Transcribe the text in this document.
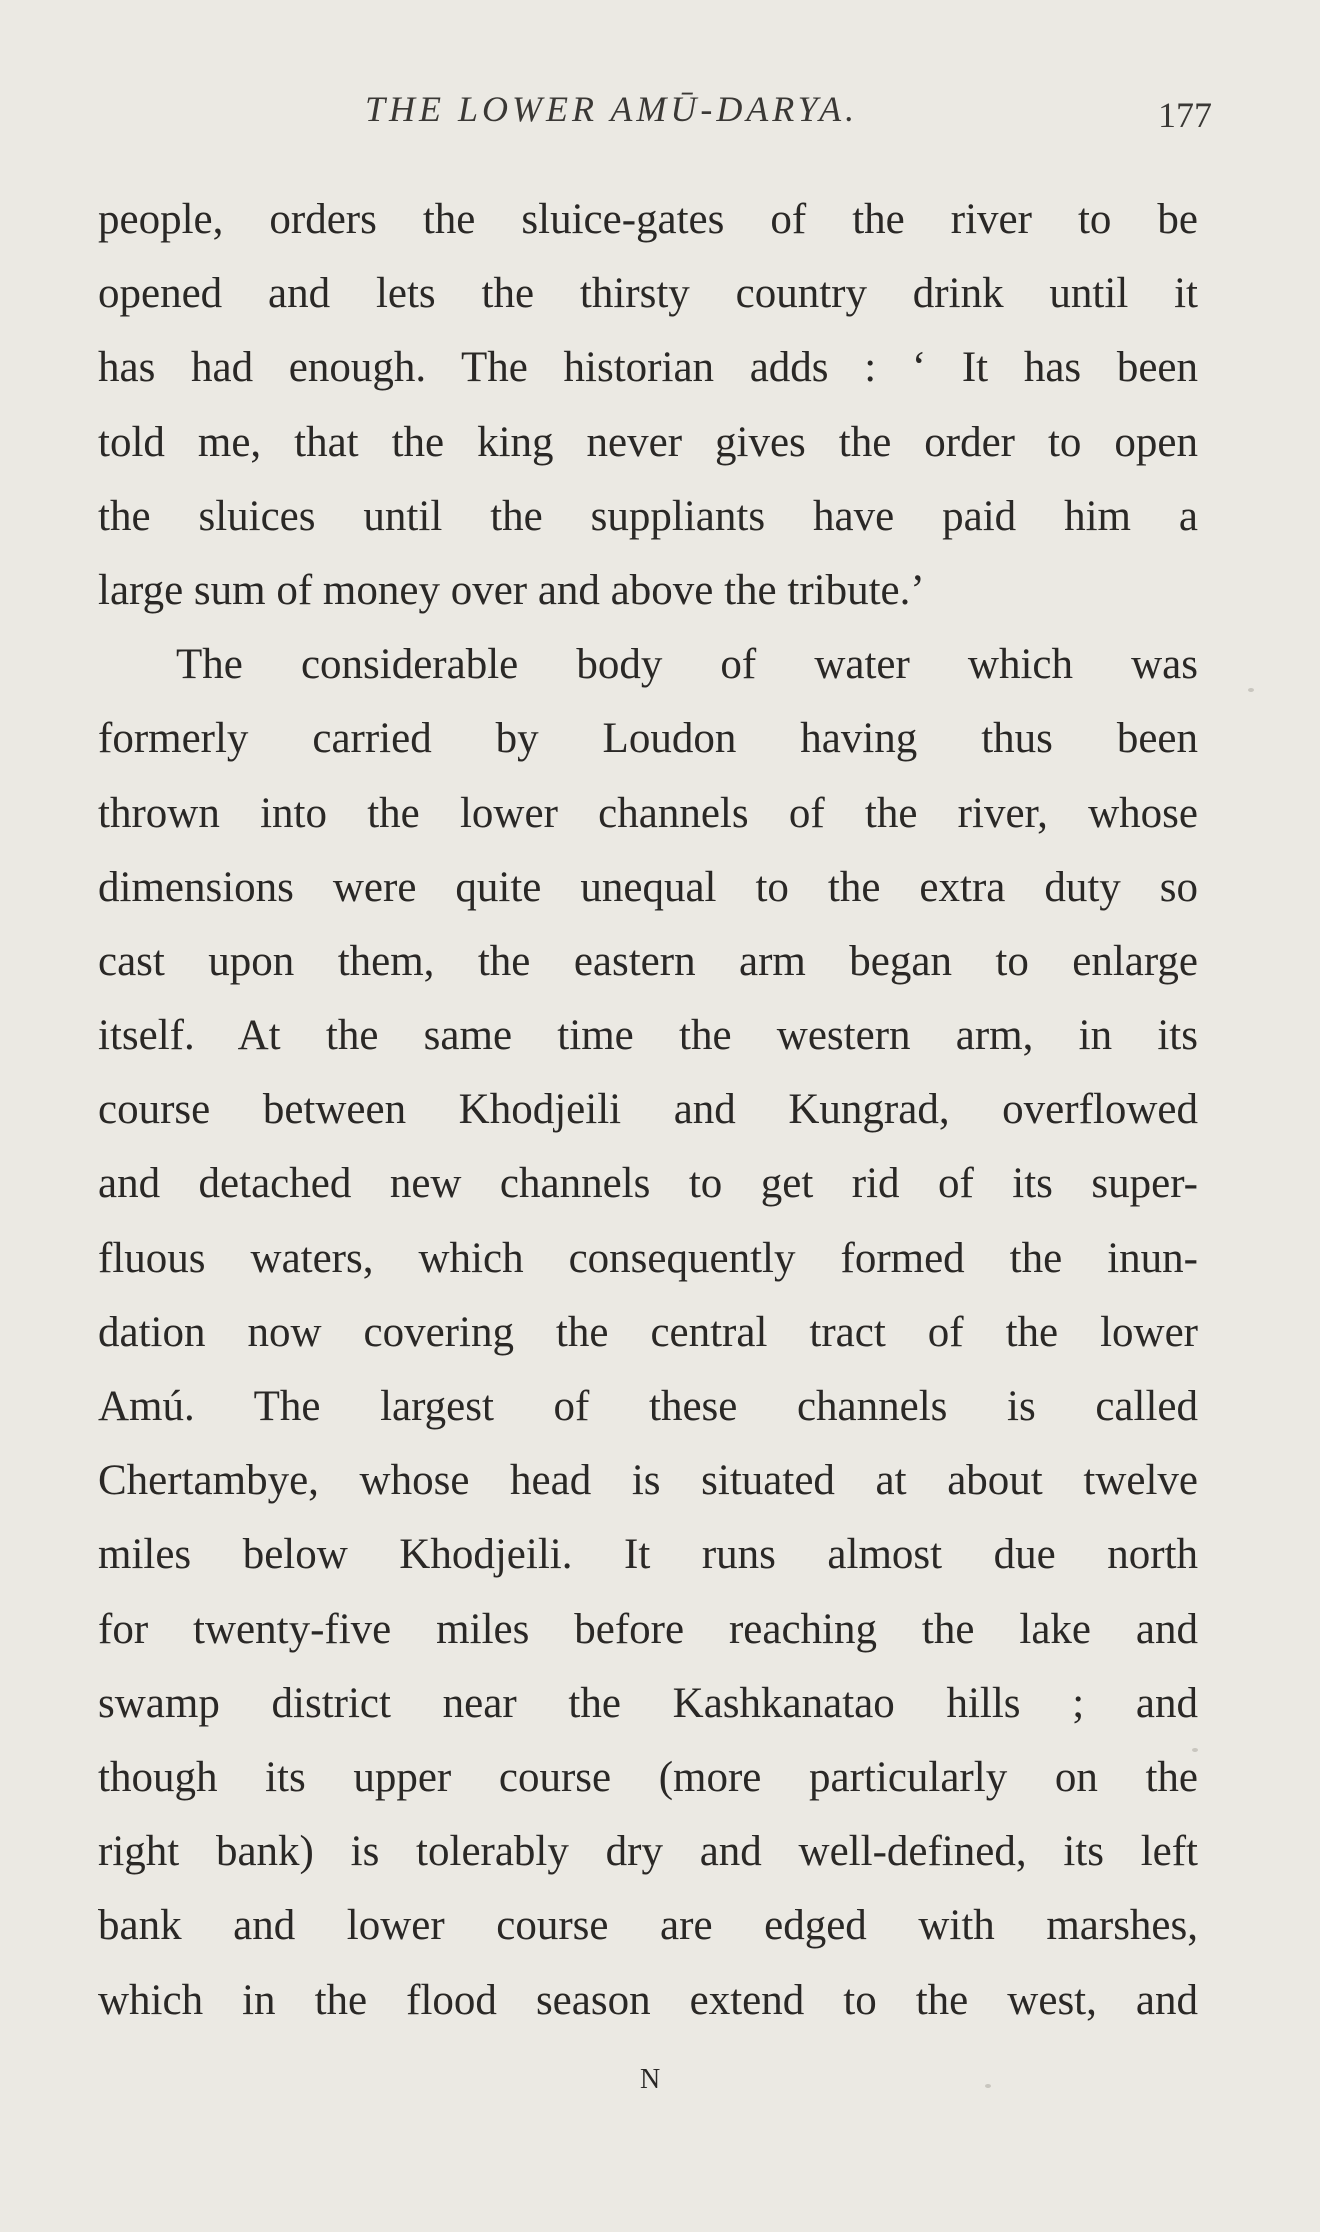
THE LOWER AMŪ-DARYA.	177
people, orders the sluice-gates of the river to be
opened and lets the thirsty country drink until it
has had enough. The historian adds : ‘ It has been
told me, that the king never gives the order to open
the sluices until the suppliants have paid him a
large sum of money over and above the tribute.’
The considerable body of water which was
formerly carried by Loudon having thus been
thrown into the lower channels of the river, whose
dimensions were quite unequal to the extra duty so
cast upon them, the eastern arm began to enlarge
itself. At the same time the western arm, in its
course between Khodjeili and Kungrad, overflowed
and detached new channels to get rid of its super-
fluous waters, which consequently formed the inun-
dation now covering the central tract of the lower
Amú. The largest of these channels is called
Chertambye, whose head is situated at about twelve
miles below Khodjeili. It runs almost due north
for twenty-five miles before reaching the lake and
swamp district near the Kashkanatao hills ; and
though its upper course (more particularly on the
right bank) is tolerably dry and well-defined, its left
bank and lower course are edged with marshes,
which in the flood season extend to the west, and
N
